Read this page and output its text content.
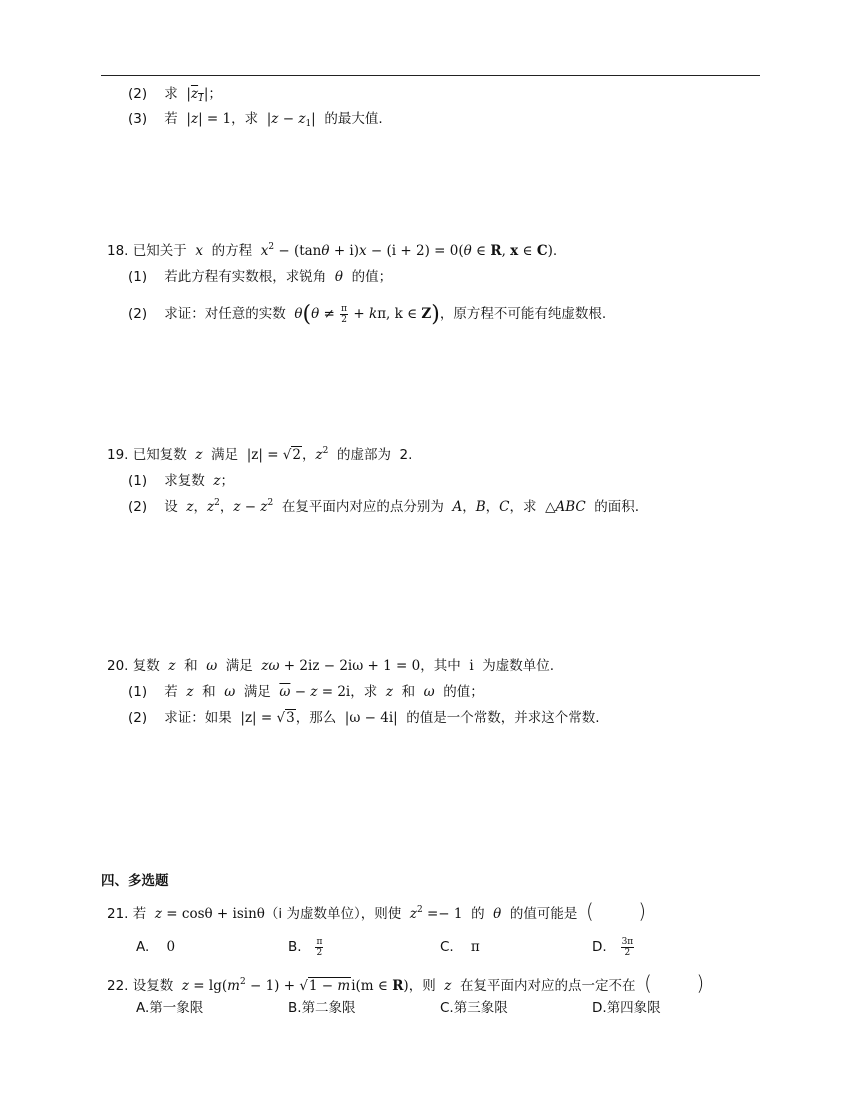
(2) 求 $|z_1|$；
(3) 若 |z| = 1，求 $|z - z_1|$ 的最大值.
18. 已知关于 x 的方程 $x^2 - (\tan\theta + i)x - (i + 2) = 0(\theta$ ∈ R, x ∈ C).
(1) 若此方程有实数根，求锐角 θ 的值；
(2) 求证：对任意的实数 $\theta(\theta \ne \frac{\pi}{2} + k\pi$, k ∈ Z)，原方程不可能有纯虚数根.
19. 已知复数 z 满足 |z| = √2，$z^2$ 的虚部为 2.
(1) 求复数 z；
(2) 设 z，$z^2$，$z - z^2$ 在复平面内对应的点分别为 A，B，C，求 △ABC 的面积.
20. 复数 z 和 ω 满足 zω + 2iz − 2iω + 1 = 0，其中 i 为虚数单位.
(1) 若 z 和 ω 满足 $\overline{\omega} - z = 2i$，求 z 和 ω 的值；
(2) 求证：如果 |z| = √3，那么 |ω − 4i| 的值是一个常数，并求这个常数.
四、多选题
21. 若 z = cosθ + isinθ（i 为虚数单位），则使 $z^2 =- 1$ 的 θ 的值可能是 (       )
A. 0	B. $\frac{\pi}{2}$	C. π	D. $\frac{3\pi}{2}$
22. 设复数 $z = \lg(m^2 - 1) + √1 - mi(m$ ∈ R)，则 z 在复平面内对应的点一定不在 (       )
A.第一象限	B.第二象限	C.第三象限	D.第四象限
